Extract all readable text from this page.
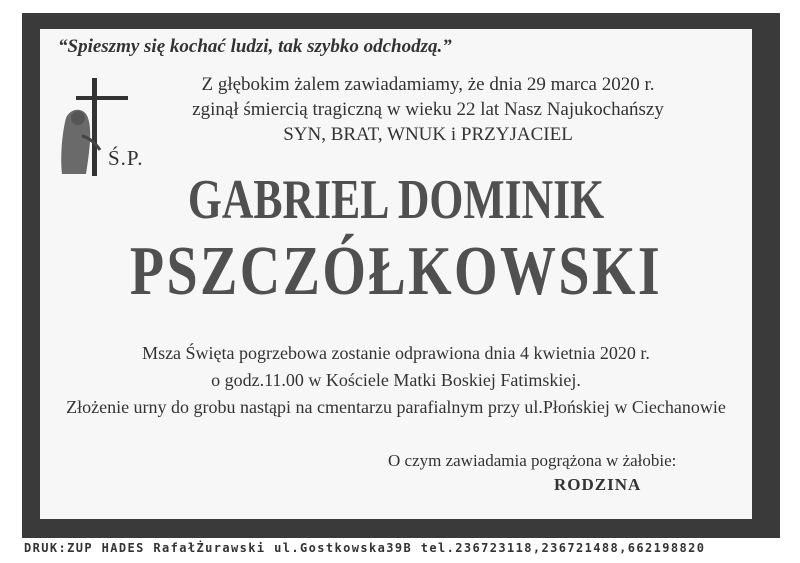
“Spieszmy się kochać ludzi, tak szybko odchodzą.”
Ś.P.
Z głębokim żalem zawiadamiamy, że dnia 29 marca 2020 r.
zginął śmiercią tragiczną w wieku 22 lat Nasz Najukochańszy
SYN, BRAT, WNUK i PRZYJACIEL
GABRIEL DOMINIK
PSZCZÓŁKOWSKI
Msza Święta pogrzebowa zostanie odprawiona dnia 4 kwietnia 2020 r.
o godz.11.00 w Kościele Matki Boskiej Fatimskiej.
Złożenie urny do grobu nastąpi na cmentarzu parafialnym przy ul.Płońskiej w Ciechanowie
O czym zawiadamia pogrążona w żałobie:
RODZINA
DRUK:ZUP HADES RafałŻurawski ul.Gostkowska39B tel.236723118,236721488,662198820
